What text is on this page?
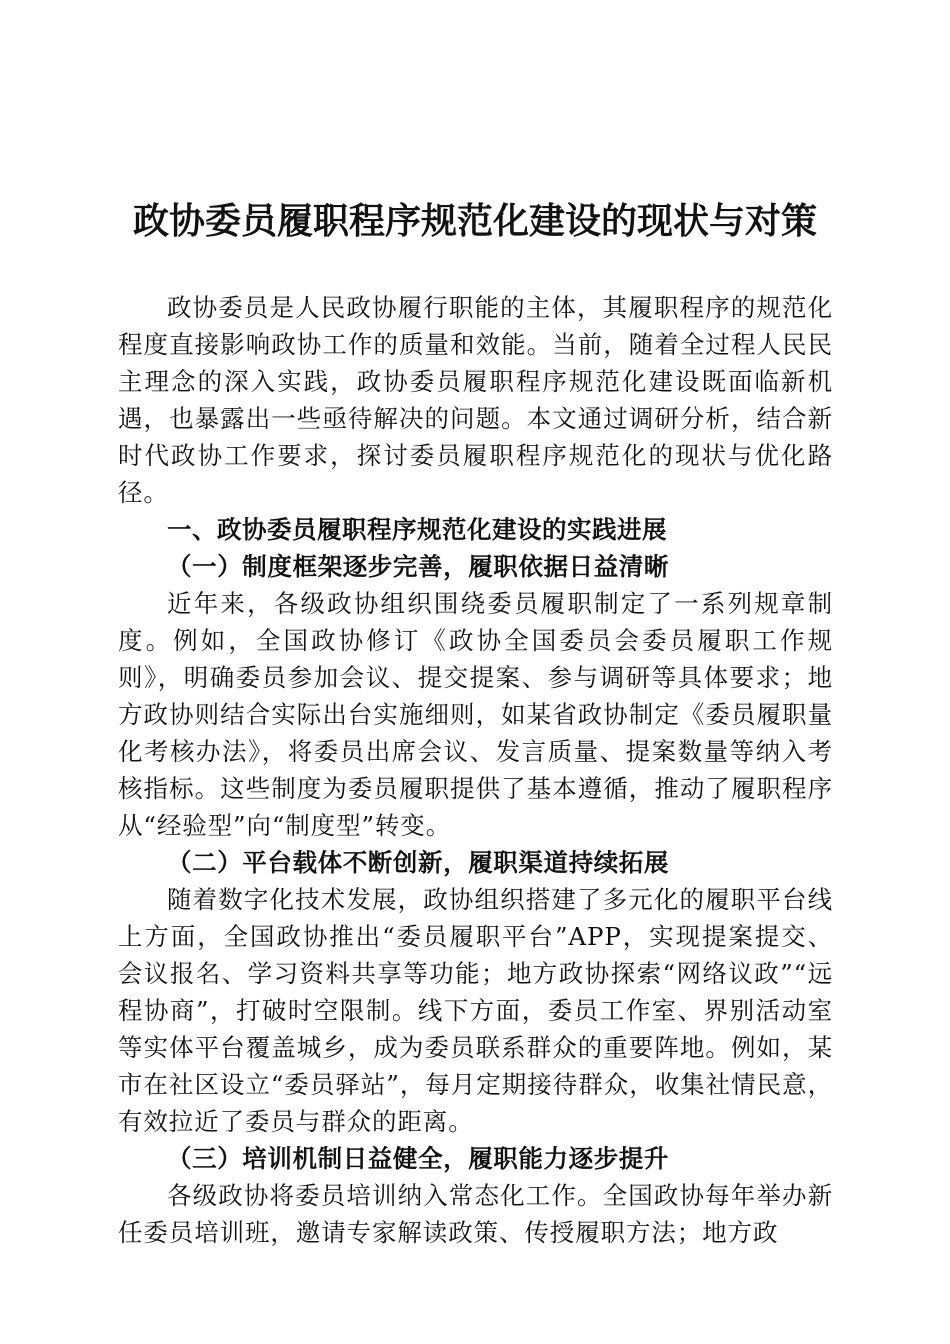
政协委员履职程序规范化建设的现状与对策

政协委员是人民政协履行职能的主体，其履职程序的规范化程度直接影响政协工作的质量和效能。当前，随着全过程人民民主理念的深入实践，政协委员履职程序规范化建设既面临新机遇，也暴露出一些亟待解决的问题。本文通过调研分析，结合新时代政协工作要求，探讨委员履职程序规范化的现状与优化路径。

一、政协委员履职程序规范化建设的实践进展

（一）制度框架逐步完善，履职依据日益清晰

近年来，各级政协组织围绕委员履职制定了一系列规章制度。例如，全国政协修订《政协全国委员会委员履职工作规则》，明确委员参加会议、提交提案、参与调研等具体要求；地方政协则结合实际出台实施细则，如某省政协制定《委员履职量化考核办法》，将委员出席会议、发言质量、提案数量等纳入考核指标。这些制度为委员履职提供了基本遵循，推动了履职程序从“经验型”向“制度型”转变。

（二）平台载体不断创新，履职渠道持续拓展

随着数字化技术发展，政协组织搭建了多元化的履职平台线上方面，全国政协推出“委员履职平台”APP，实现提案提交、会议报名、学习资料共享等功能；地方政协探索“网络议政”“远程协商”，打破时空限制。线下方面，委员工作室、界别活动室等实体平台覆盖城乡，成为委员联系群众的重要阵地。例如，某市在社区设立“委员驿站”，每月定期接待群众，收集社情民意，有效拉近了委员与群众的距离。

（三）培训机制日益健全，履职能力逐步提升

各级政协将委员培训纳入常态化工作。全国政协每年举办新任委员培训班，邀请专家解读政策、传授履职方法；地方政
